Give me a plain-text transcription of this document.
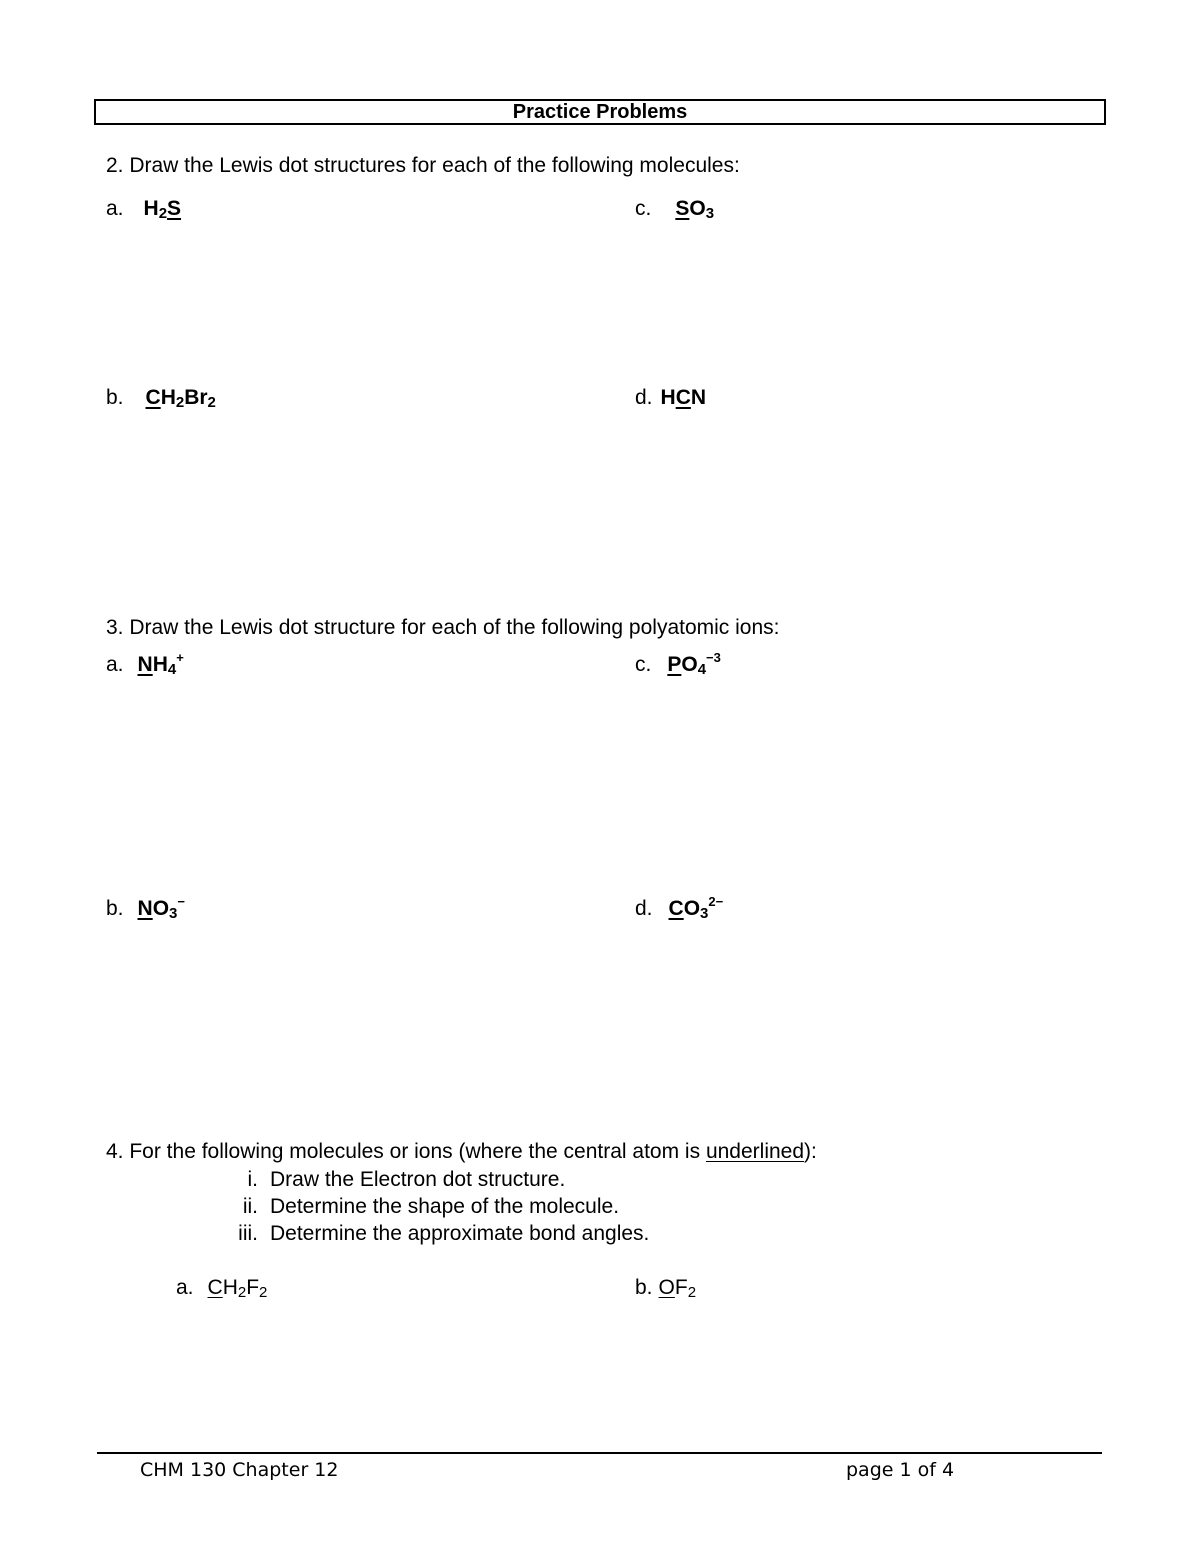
Practice Problems
2. Draw the Lewis dot structures for each of the following molecules:
a. $H_2S$	c. $SO_3$
b. $CH_2Br_2$	d. HCN
3. Draw the Lewis dot structure for each of the following polyatomic ions:
a. $NH_4^+$	c. $PO_4^{-3}$
b. $NO_3^-$	d. $CO_3^{2-}$
4. For the following molecules or ions (where the central atom is underlined):
i. Draw the Electron dot structure.
ii. Determine the shape of the molecule.
iii. Determine the approximate bond angles.
a. $CH_2F_2$	b. $OF_2$
CHM 130 Chapter 12	page 1 of 4
